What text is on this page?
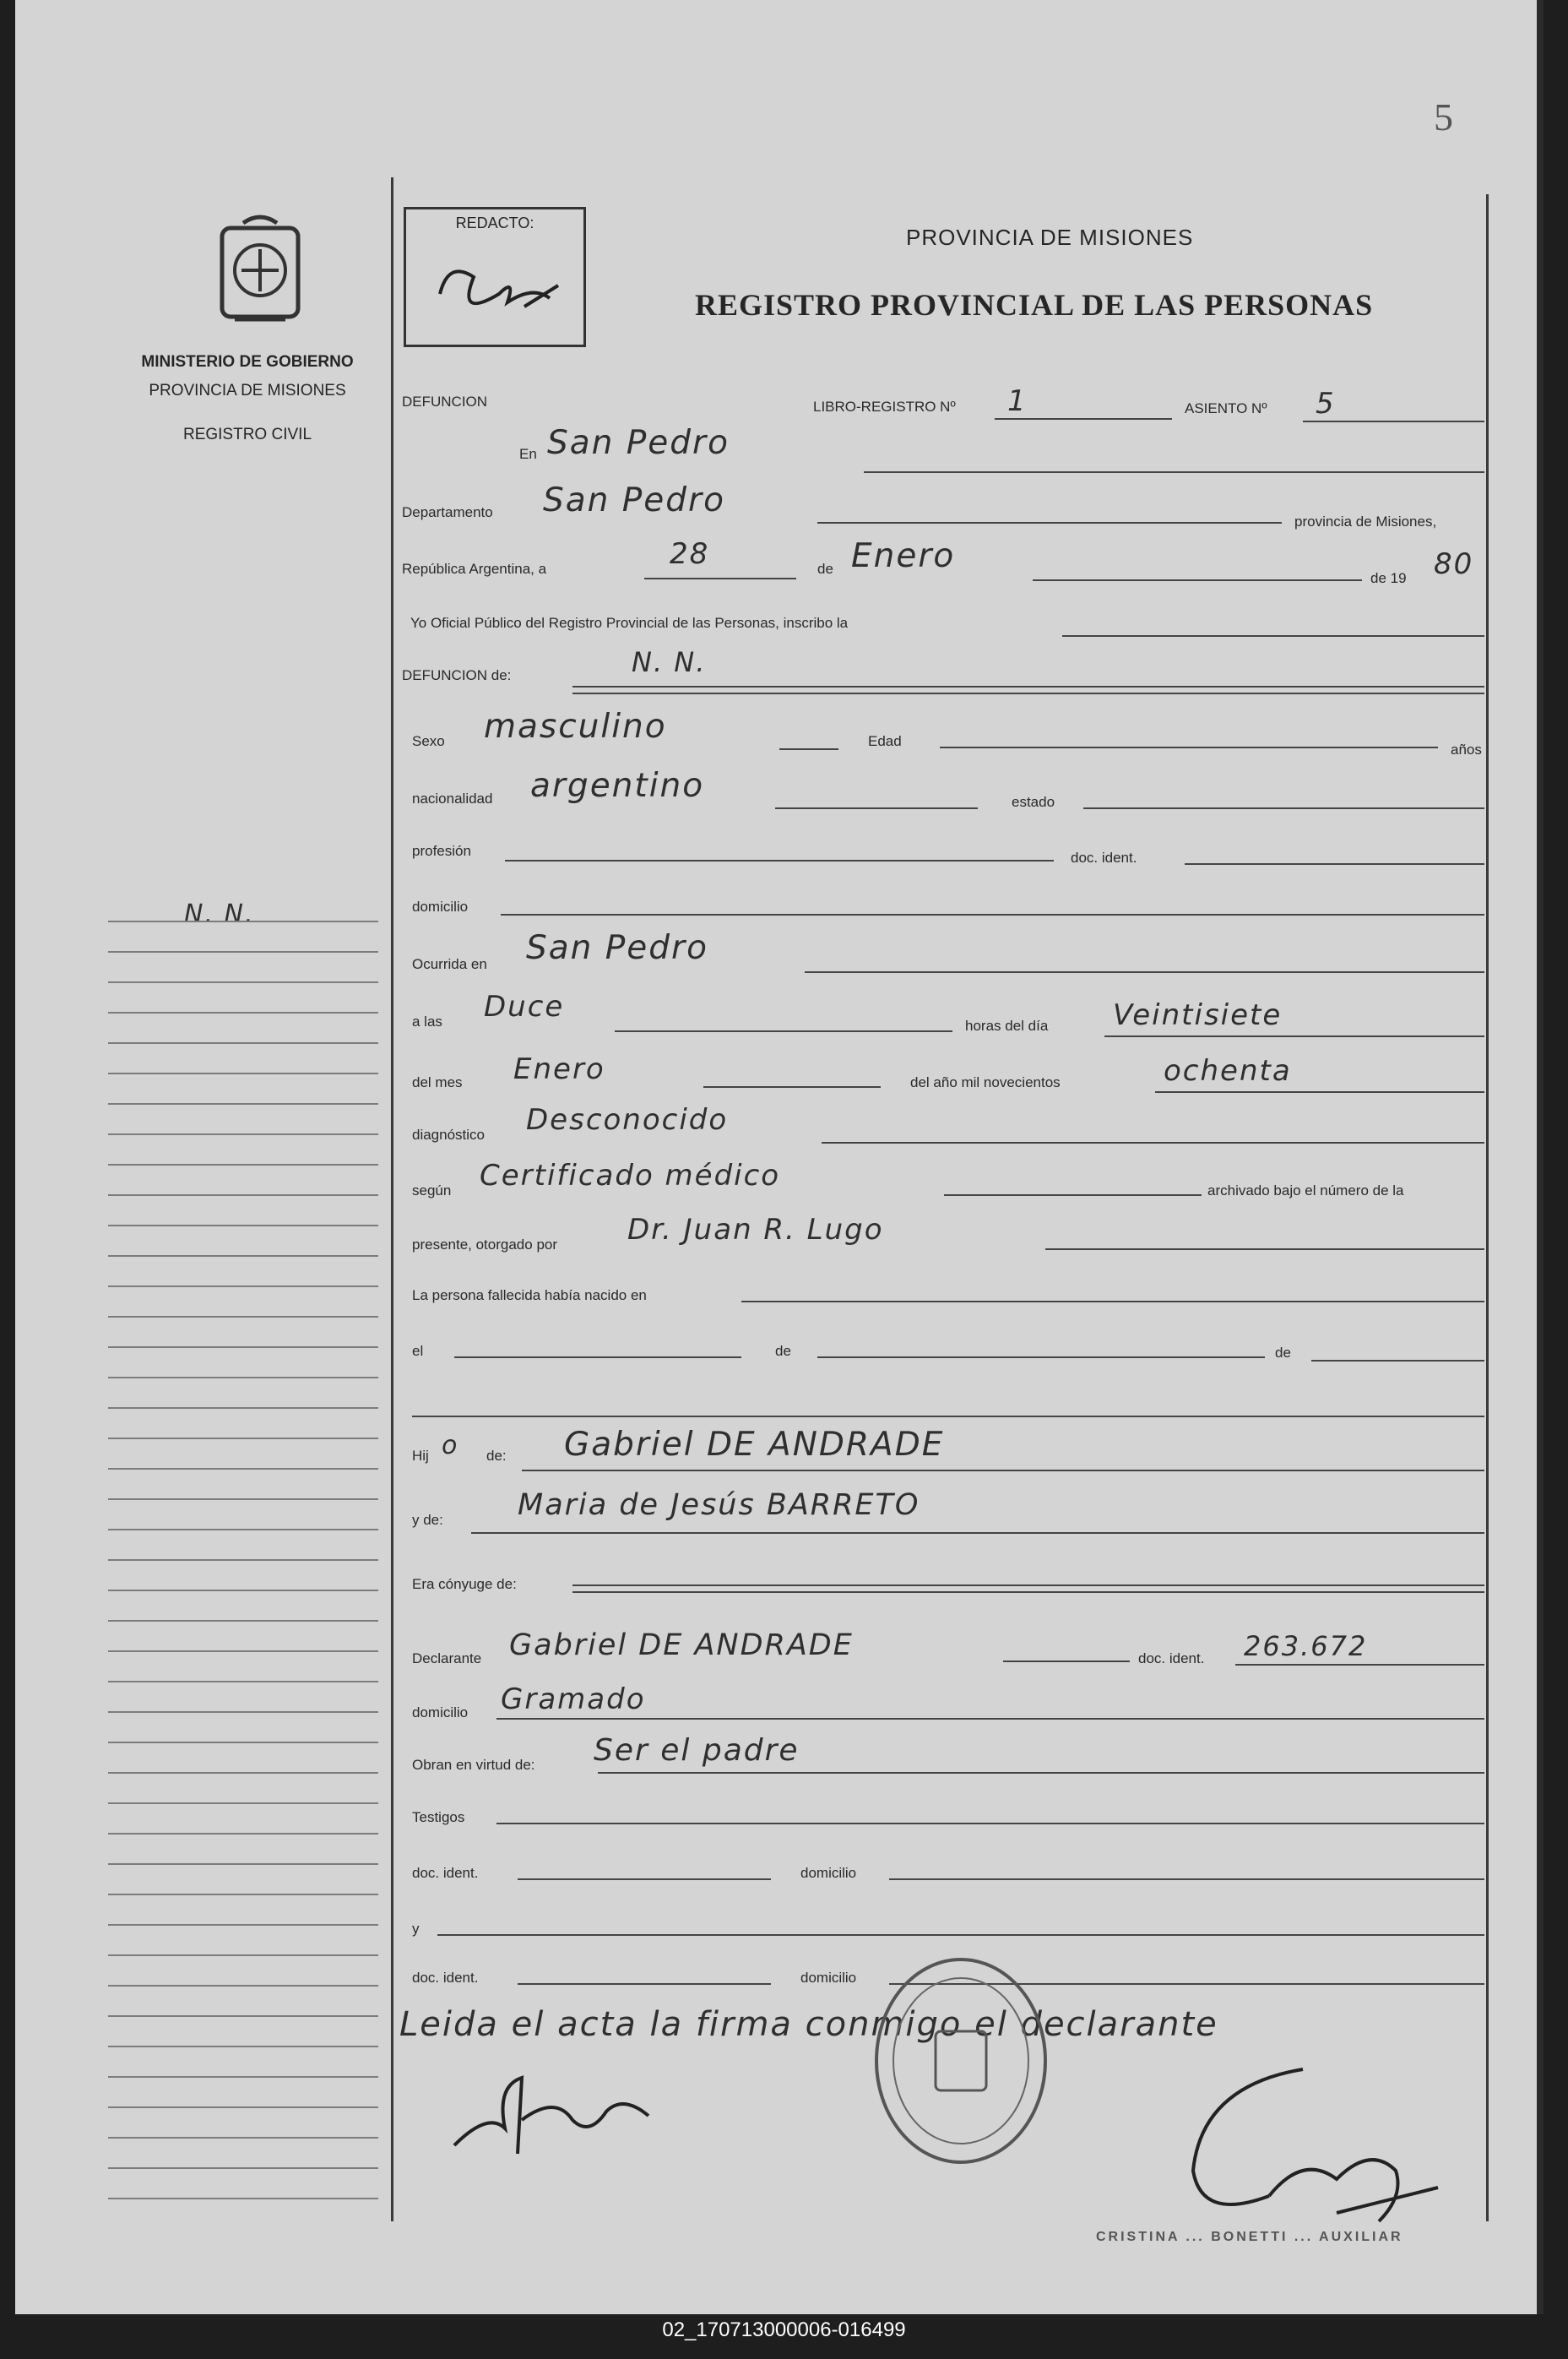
5
MINISTERIO DE GOBIERNO
PROVINCIA DE MISIONES
REGISTRO CIVIL
N. N.
REDACTO:
PROVINCIA DE MISIONES
REGISTRO PROVINCIAL DE LAS PERSONAS
DEFUNCION	LIBRO-REGISTRO Nº 1	ASIENTO Nº 5
En San Pedro
Departamento San Pedro
provincia de Misiones,
República Argentina, a	28	de Enero
de 19 80
Yo Oficial Público del Registro Provincial de las Personas, inscribo la
DEFUNCION de:	N. N.
Sexo masculino	Edad
años
nacionalidad argentino	estado
profesión	doc. ident.
domicilio
Ocurrida en San Pedro
a las Duce
horas del día Veintisiete
del mes Enero	del año mil novecientos	ochenta
diagnóstico Desconocido
según Certificado médico	archivado bajo el número de la
presente, otorgado por Dr. Juan R. Lugo
La persona fallecida había nacido en
el	de	de
Hij o de: Gabriel DE ANDRADE
y de:	Maria de Jesús BARRETO
Era cónyuge de:
Declarante Gabriel DE ANDRADE	doc. ident. 263.672
domicilio Gramado
Obran en virtud de: Ser el padre
Testigos
doc. ident.	domicilio
y
doc. ident.	domicilio
Leida el acta la firma conmigo el declarante
CRISTINA ... BONETTI ... AUXILIAR
02_170713000006-016499
